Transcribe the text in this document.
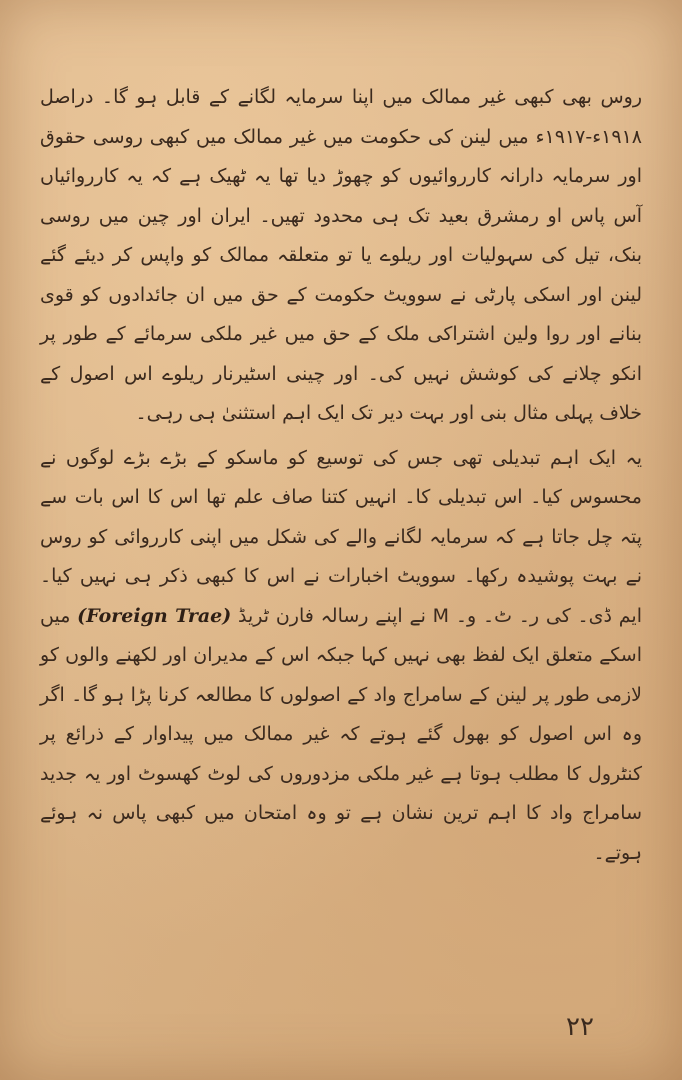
روس بھی کبھی غیر ممالک میں اپنا سرمایہ لگانے کے قابل ہو گا۔ دراصل ۱۹۱۸ء-۱۹۱۷ء میں لینن کی حکومت میں غیر ممالک میں کبھی روسی حقوق اور سرمایہ دارانہ کارروائیوں کو چھوڑ دیا تھا یہ ٹھیک ہے کہ یہ کارروائیاں آس پاس او رمشرق بعید تک ہی محدود تھیں۔ ایران اور چین میں روسی بنک، تیل کی سہولیات اور ریلوے یا تو متعلقہ ممالک کو واپس کر دیئے گئے لینن اور اسکی پارٹی نے سوویٹ حکومت کے حق میں ان جائدادوں کو قوی بنانے اور روا ولین اشتراکی ملک کے حق میں غیر ملکی سرمائے کے طور پر انکو چلانے کی کوشش نہیں کی۔ اور چینی اسٹیرنار ریلوے اس اصول کے خلاف پہلی مثال بنی اور بہت دیر تک ایک اہم استثنیٰ ہی رہی۔

یہ ایک اہم تبدیلی تھی جس کی توسیع کو ماسکو کے بڑے بڑے لوگوں نے محسوس کیا۔ اس تبدیلی کا۔ انہیں کتنا صاف علم تھا اس کا اس بات سے پتہ چل جاتا ہے کہ سرمایہ لگانے والے کی شکل میں اپنی کارروائی کو روس نے بہت پوشیدہ رکھا۔ سوویٹ اخبارات نے اس کا کبھی ذکر ہی نہیں کیا۔ ایم ڈی۔ کی ر۔ ٹ۔ و۔ M نے اپنے رسالہ فارن ٹریڈ (Foreign Trae) میں اسکے متعلق ایک لفظ بھی نہیں کہا جبکہ اس کے مدیران اور لکھنے والوں کو لازمی طور پر لینن کے سامراج واد کے اصولوں کا مطالعہ کرنا پڑا ہو گا۔ اگر وہ اس اصول کو بھول گئے ہوتے کہ غیر ممالک میں پیداوار کے ذرائع پر کنٹرول کا مطلب ہوتا ہے غیر ملکی مزدوروں کی لوٹ کھسوٹ اور یہ جدید سامراج واد کا اہم ترین نشان ہے تو وہ امتحان میں کبھی پاس نہ ہوئے ہوتے۔

۲۲
